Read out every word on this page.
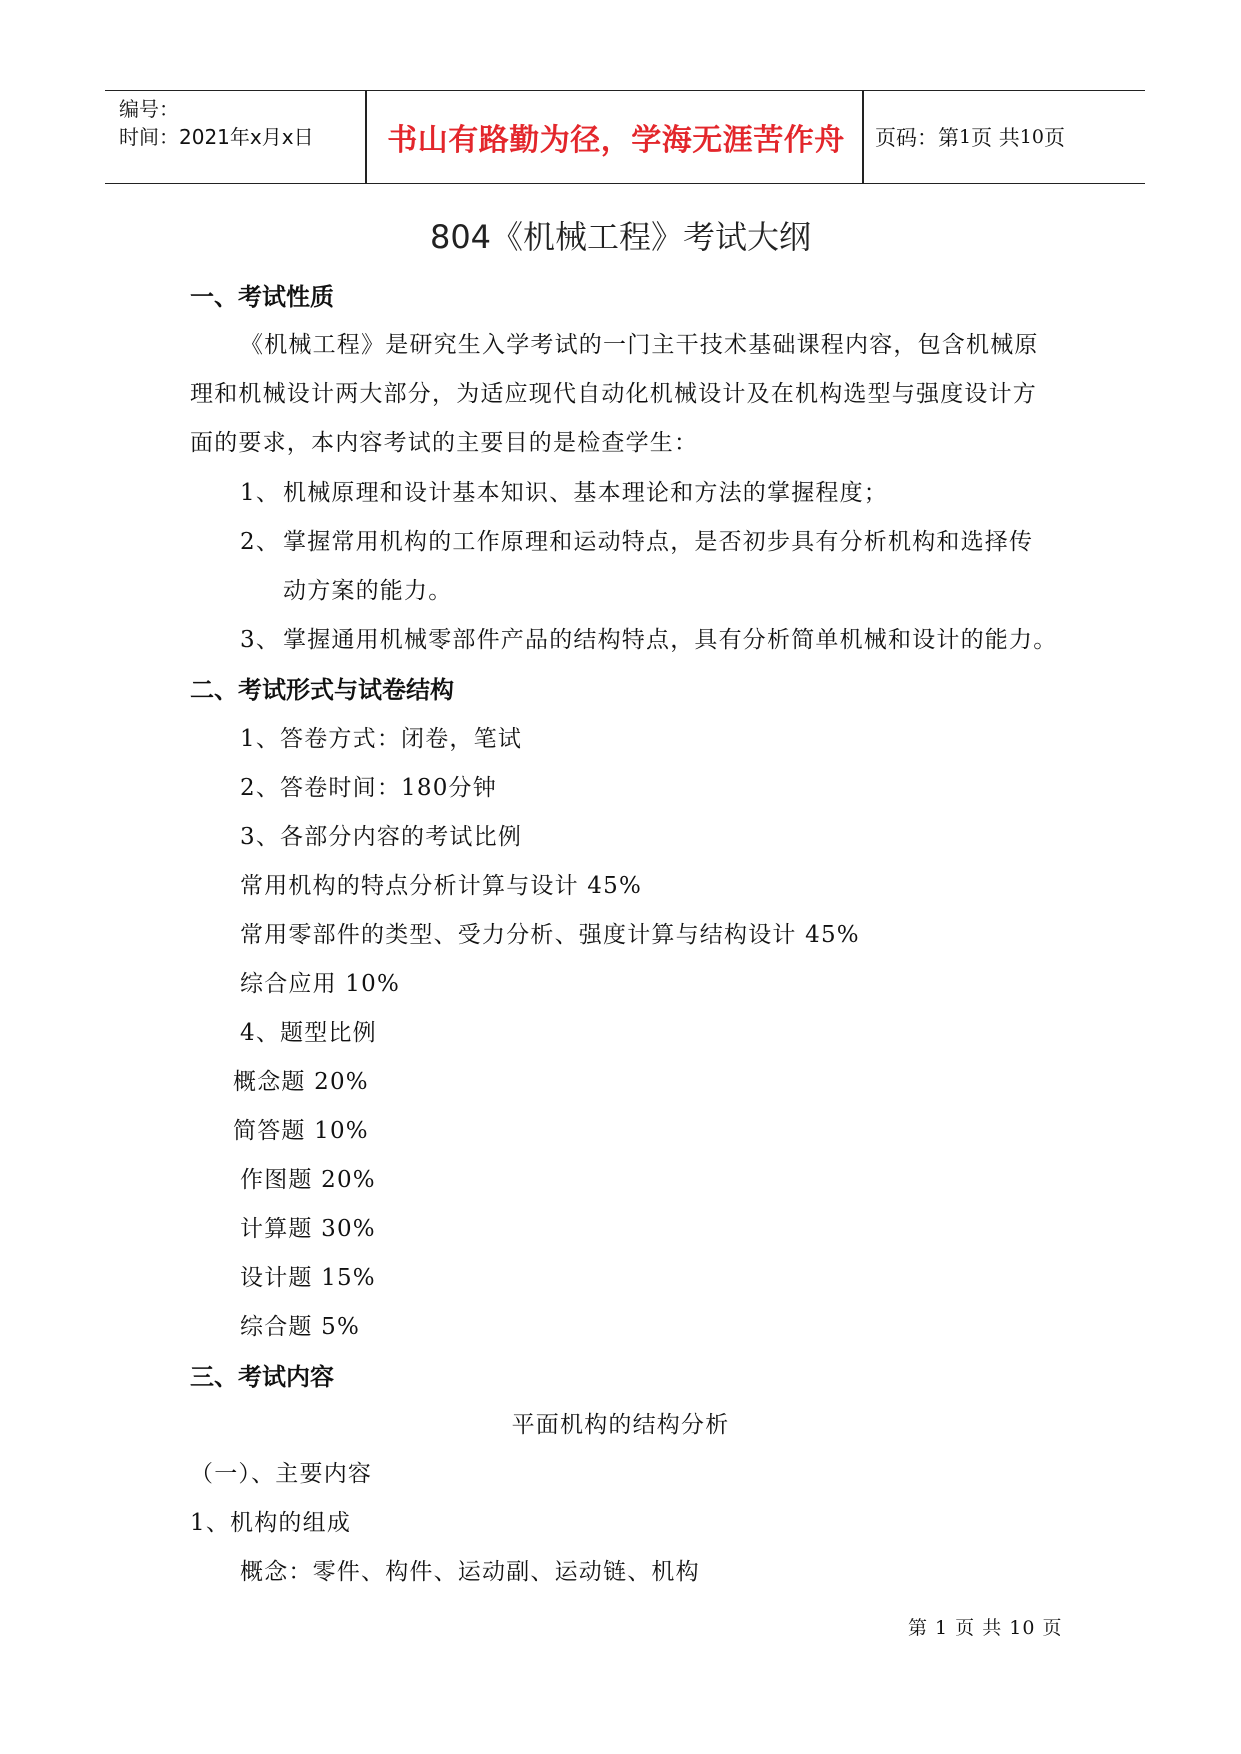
编号：
时间：2021年x月x日	书山有路勤为径，学海无涯苦作舟	页码：第 1 页 共 10 页
804《机械工程》考试大纲
一、考试性质
《机械工程》是研究生入学考试的一门主干技术基础课程内容，包含机械原
理和机械设计两大部分，为适应现代自动化机械设计及在机构选型与强度设计方
面的要求，本内容考试的主要目的是检查学生：
1、 机械原理和设计基本知识、基本理论和方法的掌握程度；
2、 掌握常用机构的工作原理和运动特点，是否初步具有分析机构和选择传
动方案的能力。
3、 掌握通用机械零部件产品的结构特点，具有分析简单机械和设计的能力。
二、考试形式与试卷结构
1、答卷方式：闭卷，笔试
2、答卷时间：180分钟
3、各部分内容的考试比例
常用机构的特点分析计算与设计 45%
常用零部件的类型、受力分析、强度计算与结构设计 45%
综合应用 10%
4、题型比例
概念题 20%
简答题 10%
作图题 20%
计算题 30%
设计题 15%
综合题 5%
三、考试内容
平面机构的结构分析
（一）、主要内容
1、机构的组成
概念：零件、构件、运动副、运动链、机构
第 1 页 共 10 页
